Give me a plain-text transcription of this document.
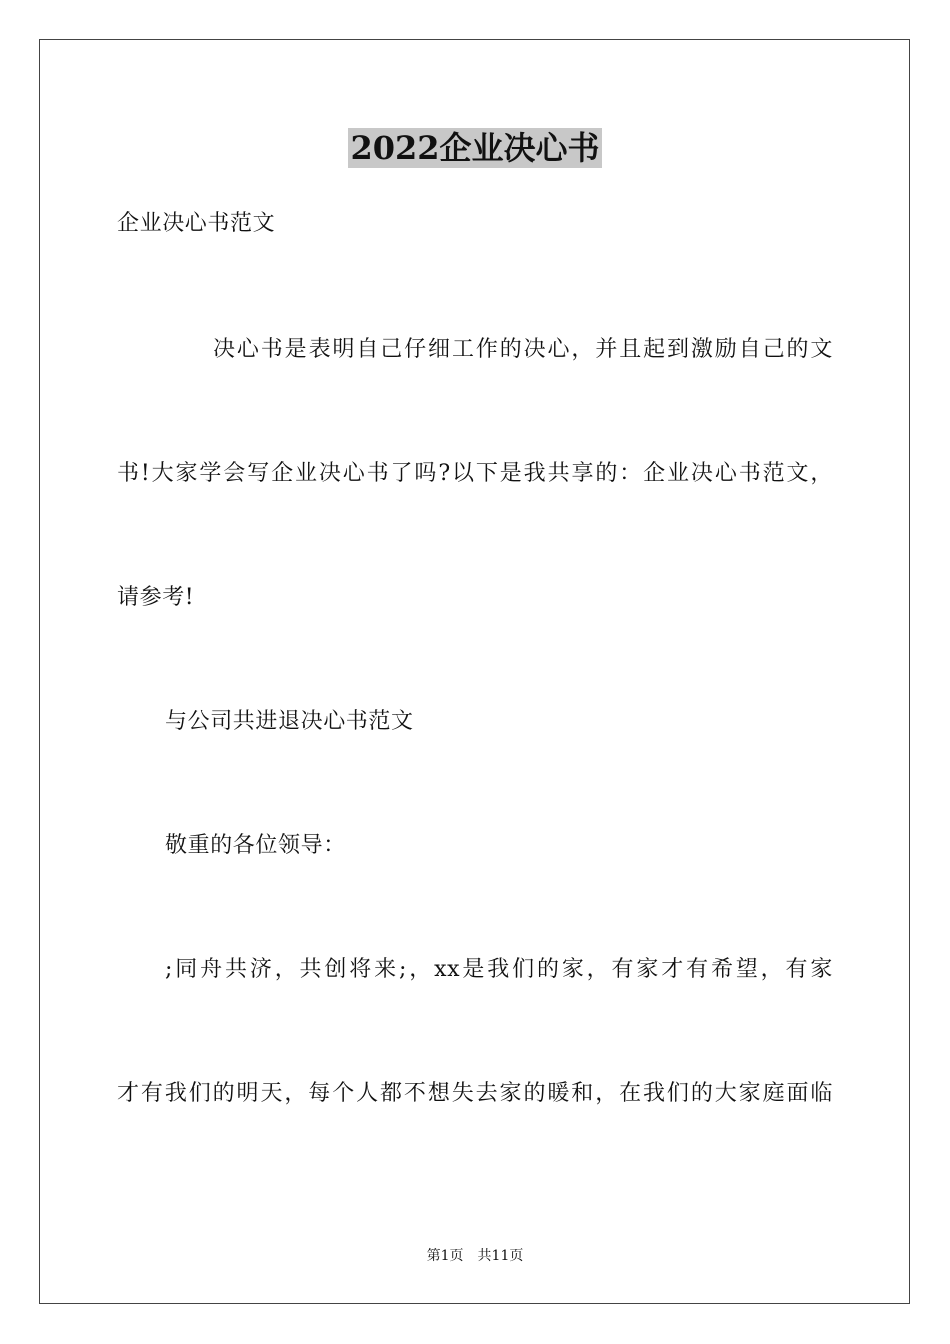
2022企业决心书
企业决心书范文
决心书是表明自己仔细工作的决心，并且起到激励自己的文
书!大家学会写企业决心书了吗?以下是我共享的：企业决心书范文，
请参考!
与公司共进退决心书范文
敬重的各位领导：
;同舟共济，共创将来;，xx是我们的家，有家才有希望，有家
才有我们的明天，每个人都不想失去家的暖和，在我们的大家庭面临
第1页　共11页
